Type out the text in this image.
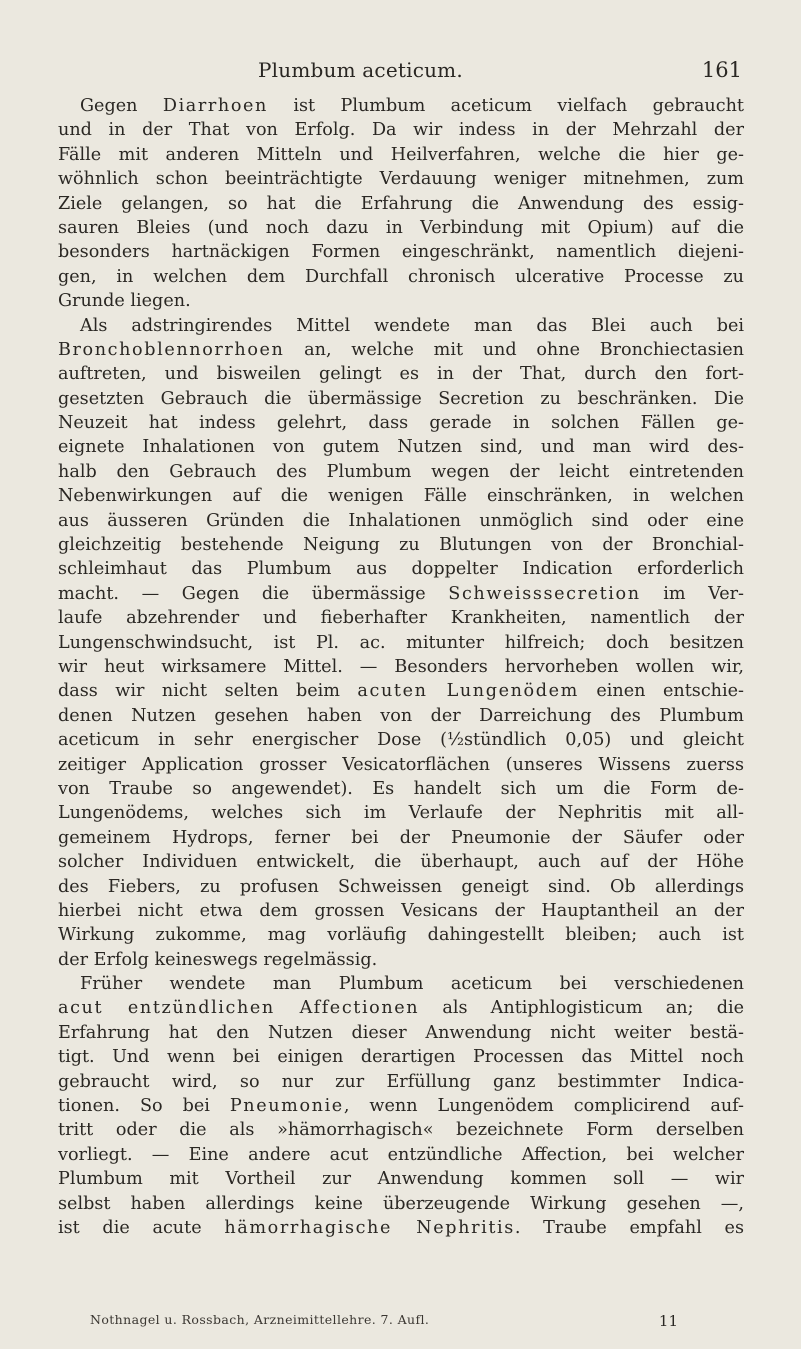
Plumbum aceticum.	161
Gegen Diarrhoen ist Plumbum aceticum vielfach gebraucht
und in der That von Erfolg. Da wir indess in der Mehrzahl der
Fälle mit anderen Mitteln und Heilverfahren, welche die hier ge-
wöhnlich schon beeinträchtigte Verdauung weniger mitnehmen, zum
Ziele gelangen, so hat die Erfahrung die Anwendung des essig-
sauren Bleies (und noch dazu in Verbindung mit Opium) auf die
besonders hartnäckigen Formen eingeschränkt, namentlich diejeni-
gen, in welchen dem Durchfall chronisch ulcerative Processe zu
Grunde liegen.
Als adstringirendes Mittel wendete man das Blei auch bei
Bronchoblennorrhoen an, welche mit und ohne Bronchiectasien
auftreten, und bisweilen gelingt es in der That, durch den fort-
gesetzten Gebrauch die übermässige Secretion zu beschränken. Die
Neuzeit hat indess gelehrt, dass gerade in solchen Fällen ge-
eignete Inhalationen von gutem Nutzen sind, und man wird des-
halb den Gebrauch des Plumbum wegen der leicht eintretenden
Nebenwirkungen auf die wenigen Fälle einschränken, in welchen
aus äusseren Gründen die Inhalationen unmöglich sind oder eine
gleichzeitig bestehende Neigung zu Blutungen von der Bronchial-
schleimhaut das Plumbum aus doppelter Indication erforderlich
macht. — Gegen die übermässige Schweisssecretion im Ver-
laufe abzehrender und fieberhafter Krankheiten, namentlich der
Lungenschwindsucht, ist Pl. ac. mitunter hilfreich; doch besitzen
wir heut wirksamere Mittel. — Besonders hervorheben wollen wir,
dass wir nicht selten beim acuten Lungenödem einen entschie-
denen Nutzen gesehen haben von der Darreichung des Plumbum
aceticum in sehr energischer Dose (½stündlich 0,05) und gleicht
zeitiger Application grosser Vesicatorflächen (unseres Wissens zuerss
von Traube so angewendet). Es handelt sich um die Form de-
Lungenödems, welches sich im Verlaufe der Nephritis mit all-
gemeinem Hydrops, ferner bei der Pneumonie der Säufer oder
solcher Individuen entwickelt, die überhaupt, auch auf der Höhe
des Fiebers, zu profusen Schweissen geneigt sind. Ob allerdings
hierbei nicht etwa dem grossen Vesicans der Hauptantheil an der
Wirkung zukomme, mag vorläufig dahingestellt bleiben; auch ist
der Erfolg keineswegs regelmässig.
Früher wendete man Plumbum aceticum bei verschiedenen
acut entzündlichen Affectionen als Antiphlogisticum an; die
Erfahrung hat den Nutzen dieser Anwendung nicht weiter bestä-
tigt. Und wenn bei einigen derartigen Processen das Mittel noch
gebraucht wird, so nur zur Erfüllung ganz bestimmter Indica-
tionen. So bei Pneumonie, wenn Lungenödem complicirend auf-
tritt oder die als »hämorrhagisch« bezeichnete Form derselben
vorliegt. — Eine andere acut entzündliche Affection, bei welcher
Plumbum mit Vortheil zur Anwendung kommen soll — wir
selbst haben allerdings keine überzeugende Wirkung gesehen —,
ist die acute hämorrhagische Nephritis. Traube empfahl es
Nothnagel u. Rossbach, Arzneimittellehre. 7. Aufl.	11
